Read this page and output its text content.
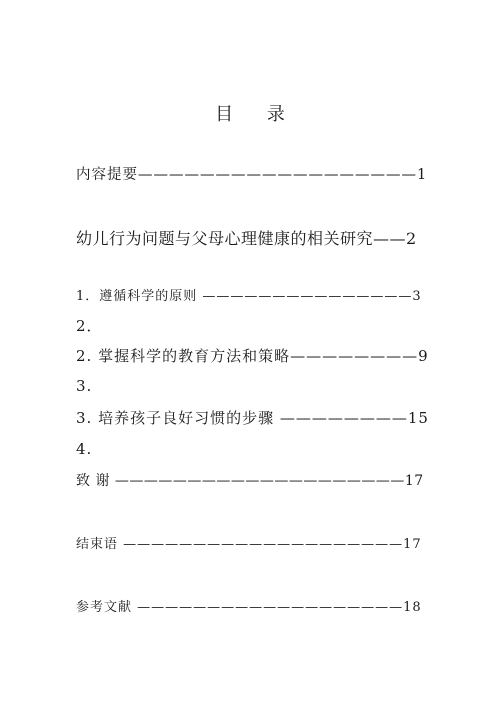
目 录
内容提要——————————————————1
幼儿行为问题与父母心理健康的相关研究——2
1．遵循科学的原则 ———————————————3
2．
2. 掌握科学的教育方法和策略————————9
3.
3. 培养孩子良好习惯的步骤 ————————15
4.
致 谢 ————————————————————17
结束语 ————————————————————17
参考文献 ———————————————————18
